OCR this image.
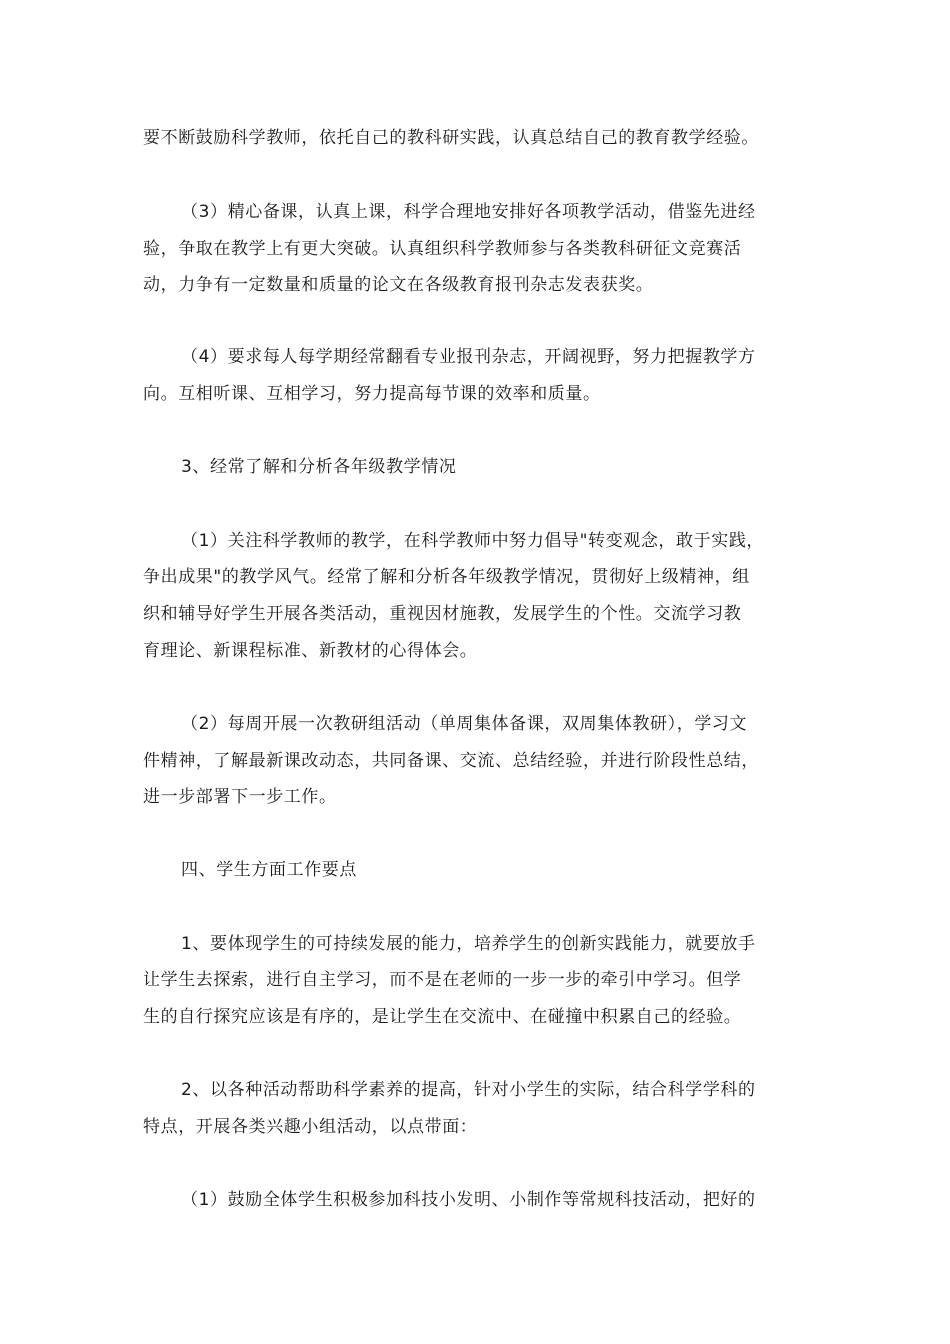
要不断鼓励科学教师，依托自己的教科研实践，认真总结自己的教育教学经验。
（3）精心备课，认真上课，科学合理地安排好各项教学活动，借鉴先进经
验，争取在教学上有更大突破。认真组织科学教师参与各类教科研征文竞赛活
动，力争有一定数量和质量的论文在各级教育报刊杂志发表获奖。
（4）要求每人每学期经常翻看专业报刊杂志，开阔视野，努力把握教学方
向。互相听课、互相学习，努力提高每节课的效率和质量。
3、经常了解和分析各年级教学情况
（1）关注科学教师的教学，在科学教师中努力倡导"转变观念，敢于实践，
争出成果"的教学风气。经常了解和分析各年级教学情况，贯彻好上级精神，组
织和辅导好学生开展各类活动，重视因材施教，发展学生的个性。交流学习教
育理论、新课程标准、新教材的心得体会。
（2）每周开展一次教研组活动（单周集体备课，双周集体教研），学习文
件精神，了解最新课改动态，共同备课、交流、总结经验，并进行阶段性总结，
进一步部署下一步工作。
四、学生方面工作要点
1、要体现学生的可持续发展的能力，培养学生的创新实践能力，就要放手
让学生去探索，进行自主学习，而不是在老师的一步一步的牵引中学习。但学
生的自行探究应该是有序的，是让学生在交流中、在碰撞中积累自己的经验。
2、以各种活动帮助科学素养的提高，针对小学生的实际，结合科学学科的
特点，开展各类兴趣小组活动，以点带面：
（1）鼓励全体学生积极参加科技小发明、小制作等常规科技活动，把好的
